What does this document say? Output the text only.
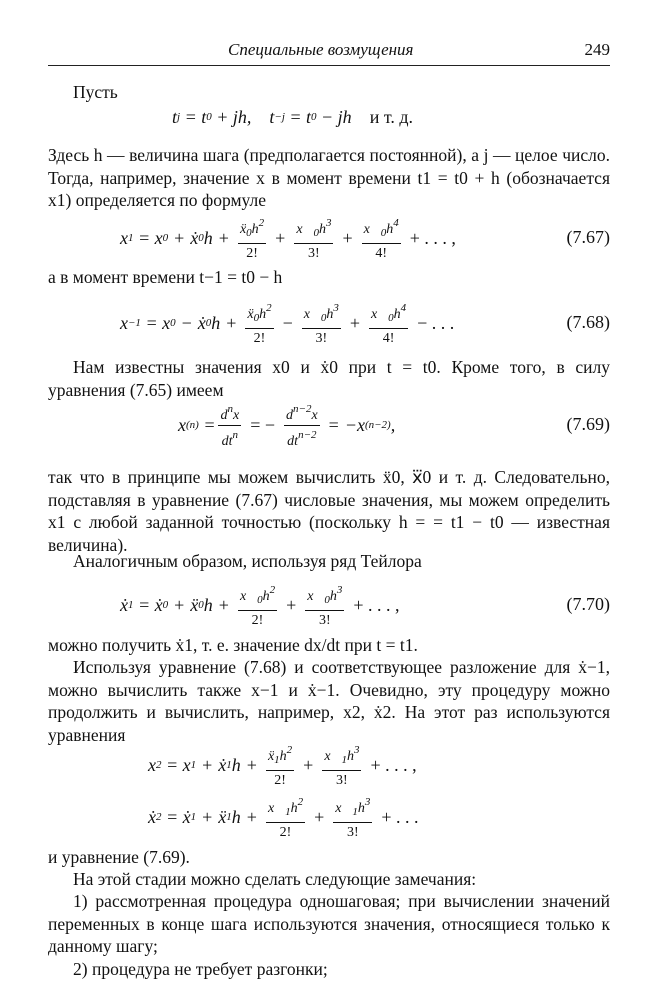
Специальные возмущения	249
Пусть
t j = t 0 + jh,    t −j = t 0 − jh и т. д.

Здесь h — величина шага (предполагается постоянной), а j — целое число. Тогда, например, значение x в момент времени t1 = t0 + h (обозначается x1) определяется по формуле

x 1 = x 0 + ẋ 0 $h + \frac{ẍ_0h^2}{2!} + \frac{x⃛_0h^3}{3!} + \frac{x⃜_0h^4}{4!}$ + . . . ,	(7.67)
а в момент времени t−1 = t0 − h
x −1 = x 0 − ẋ 0 $h + \frac{ẍ_0h^2}{2!} - \frac{x⃛_0h^3}{3!} + \frac{x⃜_0h^4}{4!}$ − . . .	(7.68)

Нам известны значения x0 и ẋ0 при t = t0. Кроме того, в силу уравнения (7.65) имеем

x $(n) = \frac{d^nx}{dt^n}$ = − $\frac{d^{n-2}x}{dt^{n-2}} = -x$ (n−2) ,	(7.69)

так что в принципе мы можем вычислить ẍ0, x⃛0 и т. д. Следовательно, подставляя в уравнение (7.67) числовые значения, мы можем определить x1 с любой заданной точностью (поскольку h = = t1 − t0 — известная величина).

Аналогичным образом, используя ряд Тейлора

ẋ 1 = ẋ 0 + ẍ 0 $h + \frac{x⃛_0h^2}{2!} + \frac{x⃜_0h^3}{3!}$ + . . . ,	(7.70)

можно получить ẋ1, т. е. значение dx/dt при t = t1.

Используя уравнение (7.68) и соответствующее разложение для ẋ−1, можно вычислить также x−1 и ẋ−1. Очевидно, эту процедуру можно продолжить и вычислить, например, x2, ẋ2. На этот раз используются уравнения

x 2 = x 1 + ẋ 1 $h + \frac{ẍ_1h^2}{2!} + \frac{x⃛_1h^3}{3!}$ + . . . ,
ẋ 2 = ẋ 1 + ẍ 1 $h + \frac{x⃛_1h^2}{2!} + \frac{x⃜_1h^3}{3!}$ + . . .

и уравнение (7.69).

На этой стадии можно сделать следующие замечания:

1) рассмотренная процедура одношаговая; при вычислении значений переменных в конце шага используются значения, относящиеся только к данному шагу;

2) процедура не требует разгонки;
